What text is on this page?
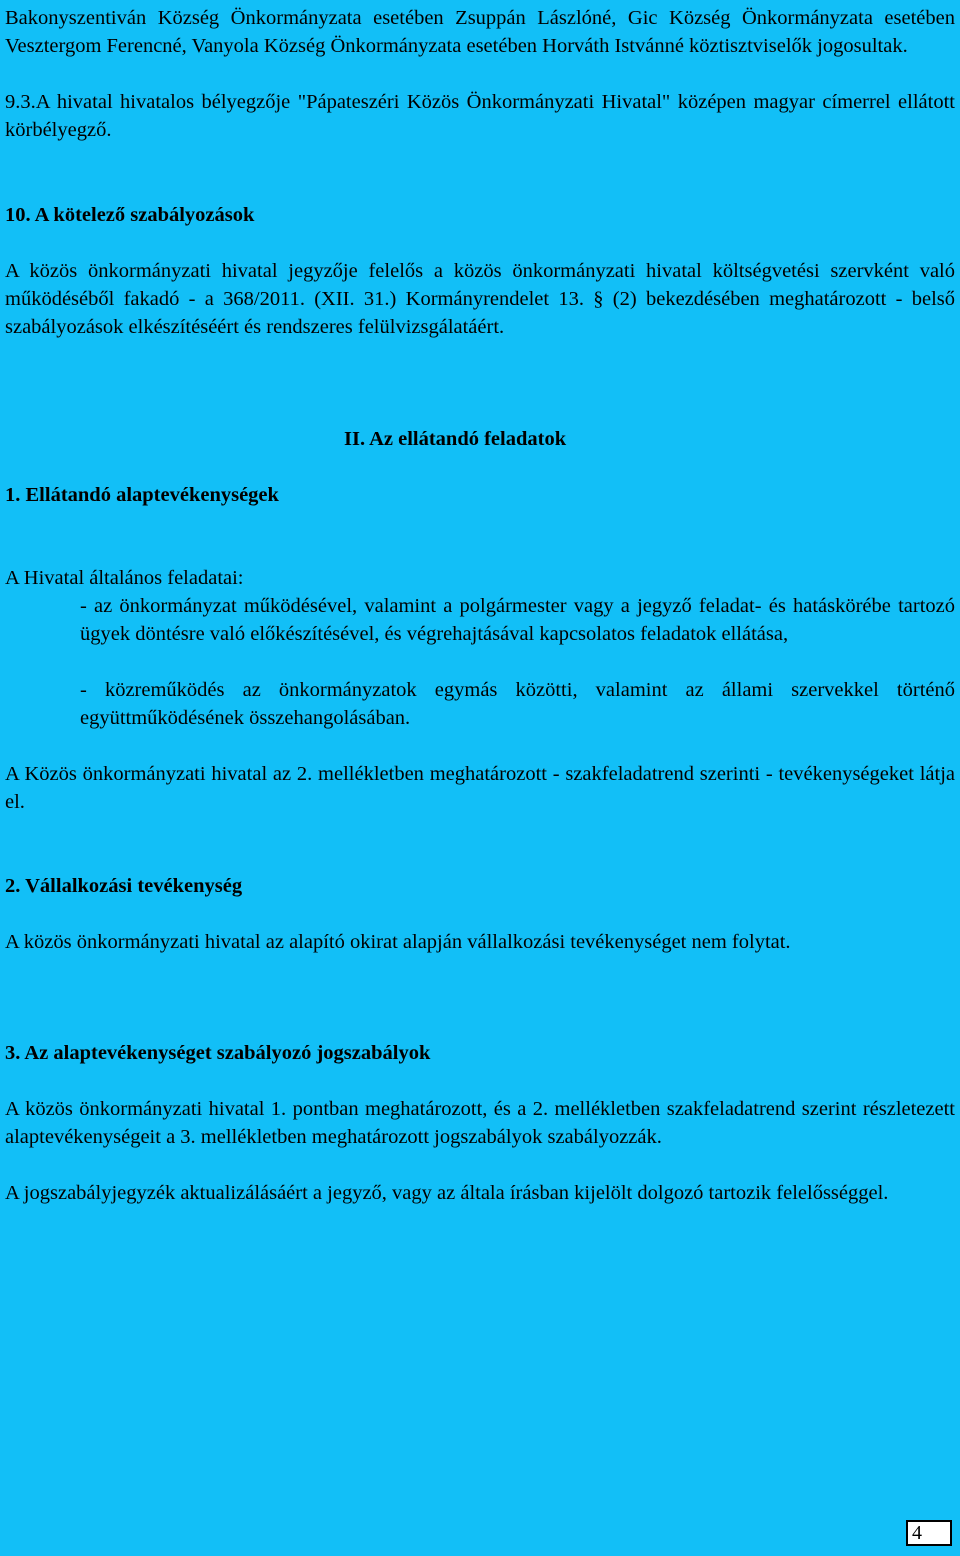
Bakonyszentiván Község Önkormányzata esetében Zsuppán Lászlóné, Gic Község Önkormányzata esetében Vesztergom Ferencné, Vanyola Község Önkormányzata esetében Horváth Istvánné köztisztviselők jogosultak.

9.3.A hivatal hivatalos bélyegzője "Pápateszéri Közös Önkormányzati Hivatal" középen magyar címerrel ellátott körbélyegző.

10. A kötelező szabályozások

A közös önkormányzati hivatal jegyzője felelős a közös önkormányzati hivatal költségvetési szervként való működéséből fakadó - a 368/2011. (XII. 31.) Kormányrendelet 13. § (2) bekezdésében meghatározott - belső szabályozások elkészítéséért és rendszeres felülvizsgálatáért.

II. Az ellátandó feladatok

1. Ellátandó alaptevékenységek

A Hivatal általános feladatai:

- az önkormányzat működésével, valamint a polgármester vagy a jegyző feladat- és hatáskörébe tartozó ügyek döntésre való előkészítésével, és végrehajtásával kapcsolatos feladatok ellátása,

- közreműködés az önkormányzatok egymás közötti, valamint az állami szervekkel történő együttműködésének összehangolásában.

A Közös önkormányzati hivatal az 2. mellékletben meghatározott - szakfeladatrend szerinti - tevékenységeket látja el.

2. Vállalkozási tevékenység

A közös önkormányzati hivatal az alapító okirat alapján vállalkozási tevékenységet nem folytat.

3. Az alaptevékenységet szabályozó jogszabályok

A közös önkormányzati hivatal 1. pontban meghatározott, és a 2. mellékletben szakfeladatrend szerint részletezett alaptevékenységeit a 3. mellékletben meghatározott jogszabályok szabályozzák.

A jogszabályjegyzék aktualizálásáért a jegyző, vagy az általa írásban kijelölt dolgozó tartozik felelősséggel.

4
